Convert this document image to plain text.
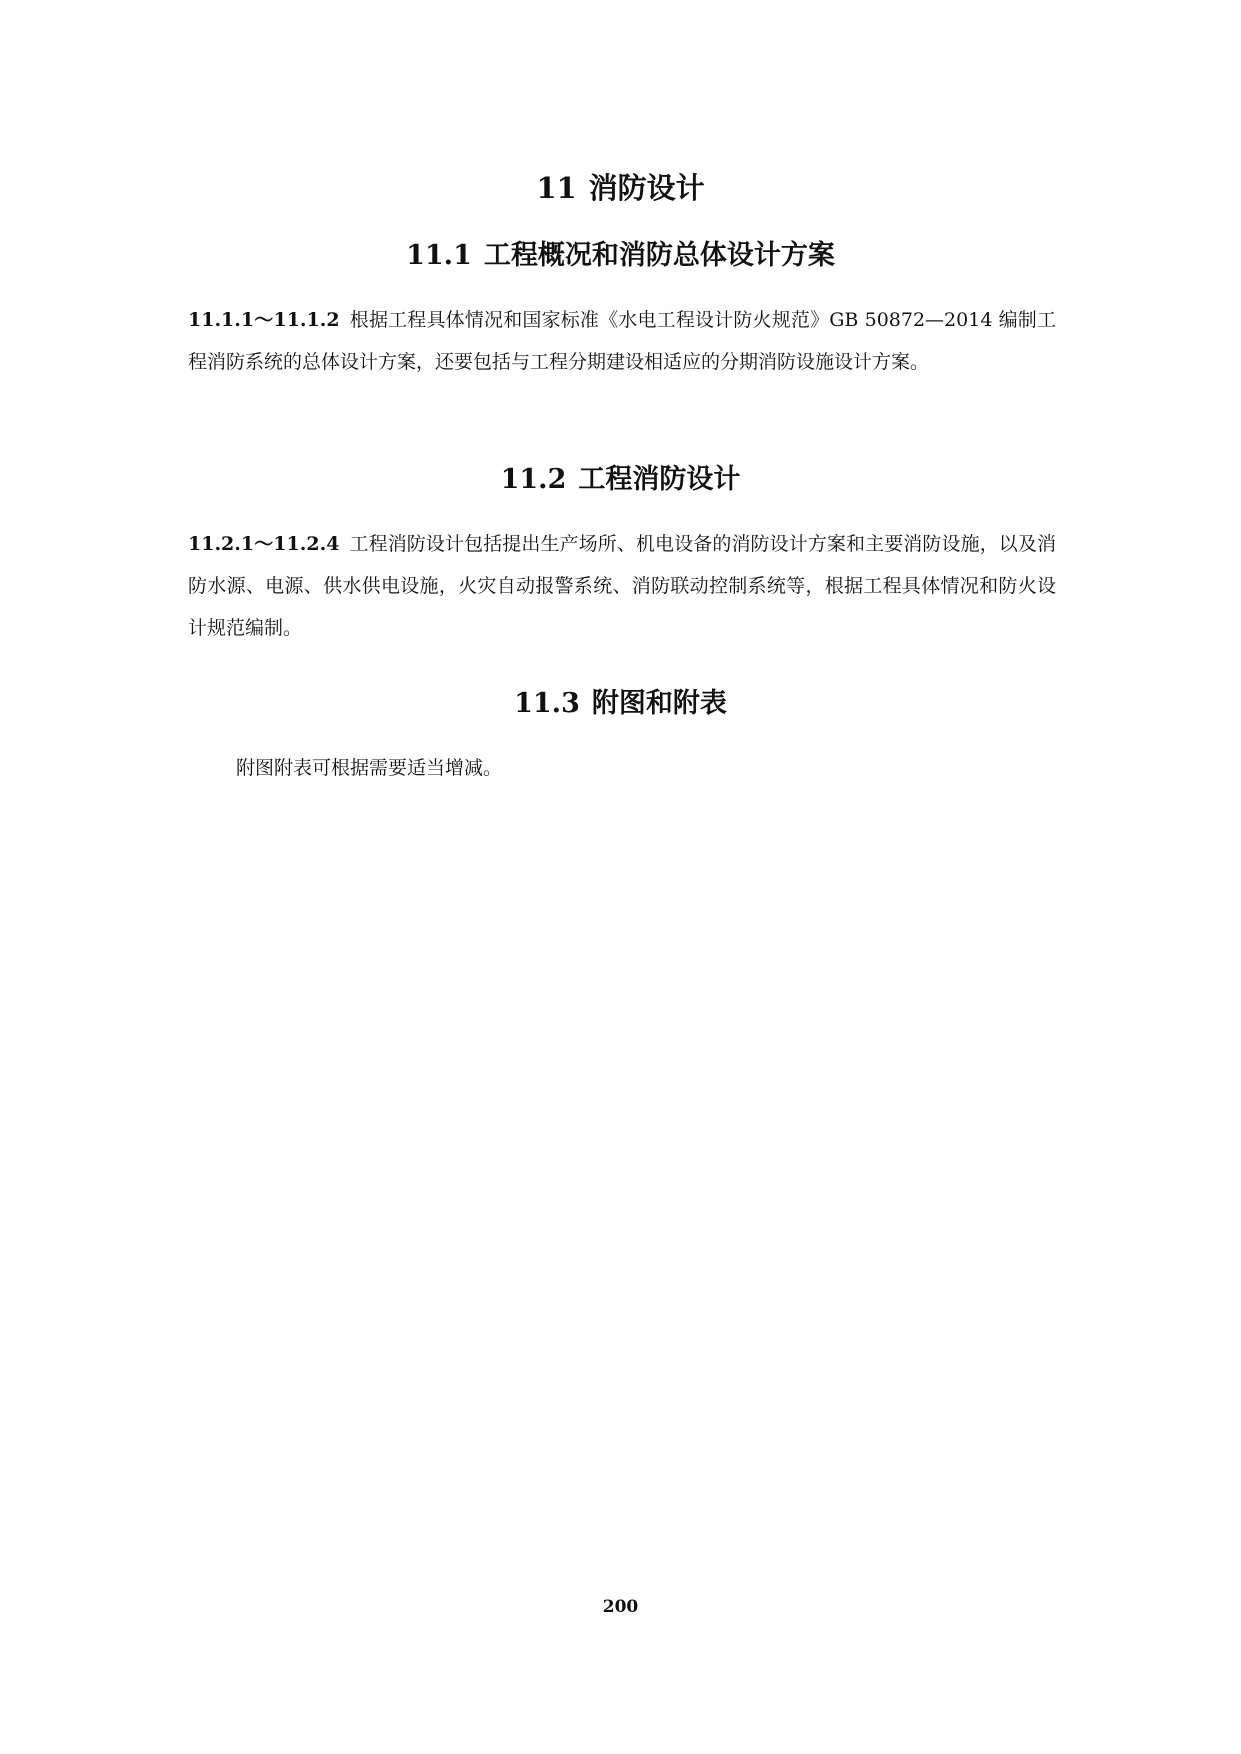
11 消防设计
11.1 工程概况和消防总体设计方案

11.1.1～11.1.2 根据工程具体情况和国家标准《水电工程设计防火规范》GB 50872—2014 编制工程消防系统的总体设计方案，还要包括与工程分期建设相适应的分期消防设施设计方案。

11.2 工程消防设计

11.2.1～11.2.4 工程消防设计包括提出生产场所、机电设备的消防设计方案和主要消防设施，以及消防水源、电源、供水供电设施，火灾自动报警系统、消防联动控制系统等，根据工程具体情况和防火设计规范编制。

11.3 附图和附表

附图附表可根据需要适当增减。

200
